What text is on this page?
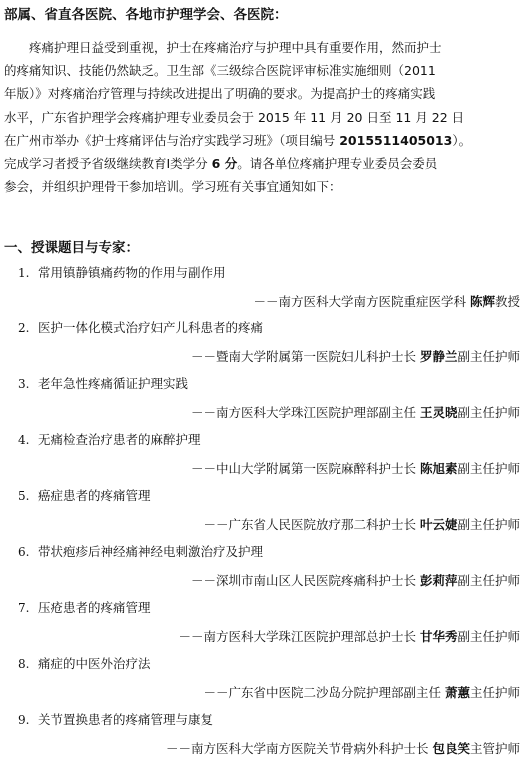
部属、省直各医院、各地市护理学会、各医院：
疼痛护理日益受到重视，护士在疼痛治疗与护理中具有重要作用，然而护士
的疼痛知识、技能仍然缺乏。卫生部《三级综合医院评审标准实施细则（2011
年版）》对疼痛治疗管理与持续改进提出了明确的要求。为提高护士的疼痛实践
水平，广东省护理学会疼痛护理专业委员会于 2015 年 11 月 20 日至 11 月 22 日
在广州市举办《护士疼痛评估与治疗实践学习班》（项目编号 2015511405013）。
完成学习者授予省级继续教育Ⅰ类学分 6 分。请各单位疼痛护理专业委员会委员
参会，并组织护理骨干参加培训。学习班有关事宜通知如下：
一、授课题目与专家：
1. 常用镇静镇痛药物的作用与副作用
－－南方医科大学南方医院重症医学科 陈辉教授
2. 医护一体化模式治疗妇产儿科患者的疼痛
－－暨南大学附属第一医院妇儿科护士长 罗静兰副主任护师
3. 老年急性疼痛循证护理实践
－－南方医科大学珠江医院护理部副主任 王灵晓副主任护师
4. 无痛检查治疗患者的麻醉护理
－－中山大学附属第一医院麻醉科护士长 陈旭素副主任护师
5. 癌症患者的疼痛管理
－－广东省人民医院放疗那二科护士长 叶云婕副主任护师
6. 带状疱疹后神经痛神经电刺激治疗及护理
－－深圳市南山区人民医院疼痛科护士长 彭莉萍副主任护师
7. 压疮患者的疼痛管理
－－南方医科大学珠江医院护理部总护士长 甘华秀副主任护师
8. 痛症的中医外治疗法
－－广东省中医院二沙岛分院护理部副主任 萧蕙主任护师
9. 关节置换患者的疼痛管理与康复
－－南方医科大学南方医院关节骨病外科护士长 包良笑主管护师
